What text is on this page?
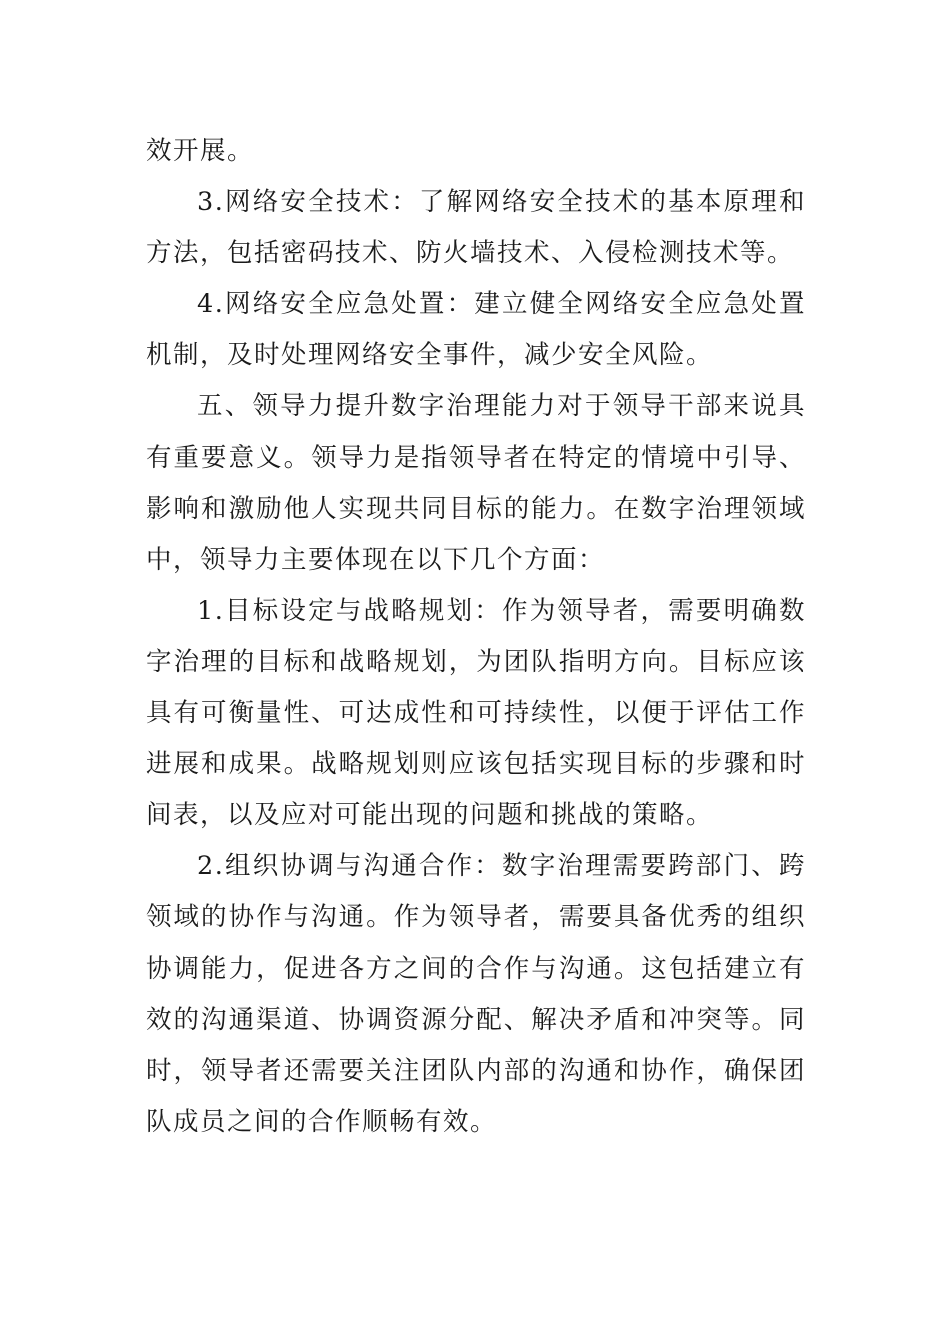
效开展。

3.网络安全技术：了解网络安全技术的基本原理和方法，包括密码技术、防火墙技术、入侵检测技术等。

4.网络安全应急处置：建立健全网络安全应急处置机制，及时处理网络安全事件，减少安全风险。

五、领导力提升数字治理能力对于领导干部来说具有重要意义。领导力是指领导者在特定的情境中引导、影响和激励他人实现共同目标的能力。在数字治理领域中，领导力主要体现在以下几个方面：

1.目标设定与战略规划：作为领导者，需要明确数字治理的目标和战略规划，为团队指明方向。目标应该具有可衡量性、可达成性和可持续性，以便于评估工作进展和成果。战略规划则应该包括实现目标的步骤和时间表，以及应对可能出现的问题和挑战的策略。

2.组织协调与沟通合作：数字治理需要跨部门、跨领域的协作与沟通。作为领导者，需要具备优秀的组织协调能力，促进各方之间的合作与沟通。这包括建立有效的沟通渠道、协调资源分配、解决矛盾和冲突等。同时，领导者还需要关注团队内部的沟通和协作，确保团队成员之间的合作顺畅有效。
